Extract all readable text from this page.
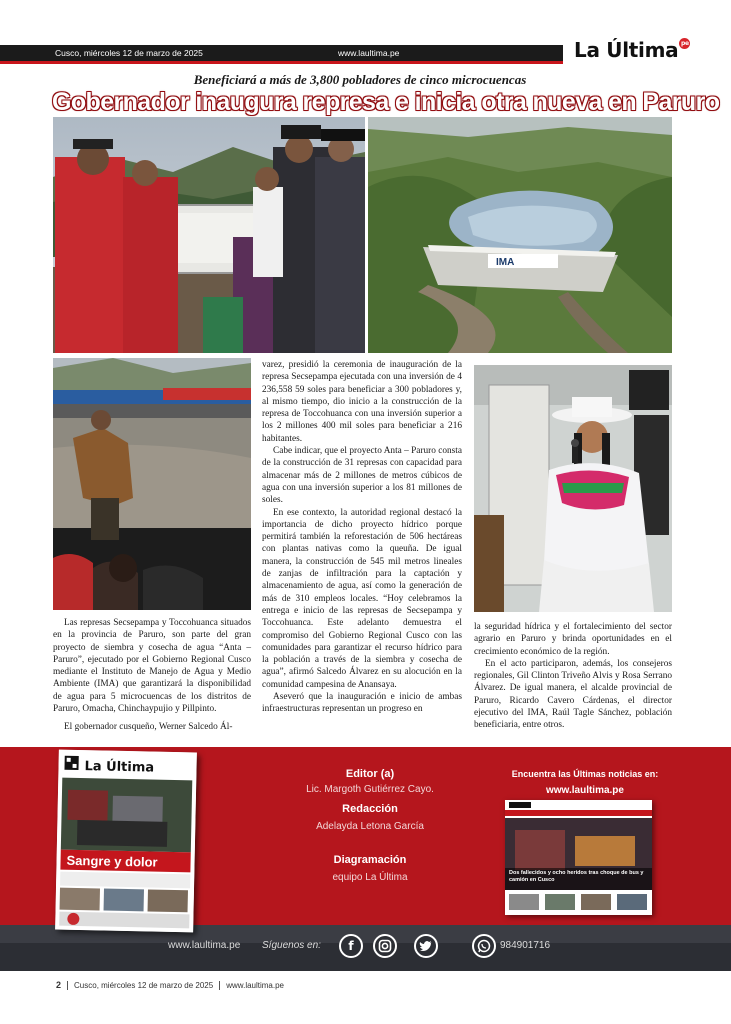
Cusco, miércoles 12 de marzo de 2025	www.laultima.pe	La Última pe
Beneficiará a más de 3,800 pobladores de cinco microcuencas
Gobernador inaugura represa e inicia otra nueva en Paruro
IMA

Las represas Secsepampa y Toccohuanca situados en la provincia de Paruro, son parte del gran proyecto de siembra y cosecha de agua “Anta – Paruro”, ejecutado por el Gobierno Regional Cusco mediante el Instituto de Manejo de Agua y Medio Ambiente (IMA) que garantizará la disponibilidad de agua para 5 microcuencas de los distritos de Paruro, Omacha, Chinchaypujio y Pillpinto.

El gobernador cusqueño, Werner Salcedo Ál-

varez, presidió la ceremonia de inauguración de la represa Secsepampa ejecutada con una inversión de 4 236,558 59 soles para beneficiar a 300 pobladores y, al mismo tiempo, dio inicio a la construcción de la represa de Toccohuanca con una inversión superior a los 2 millones 400 mil soles para beneficiar a 216 habitantes.

Cabe indicar, que el proyecto Anta – Paruro consta de la construcción de 31 represas con capacidad para almacenar más de 2 millones de metros cúbicos de agua con una inversión superior a los 81 millones de soles.

En ese contexto, la autoridad regional destacó la importancia de dicho proyecto hídrico porque permitirá también la reforestación de 506 hectáreas con plantas nativas como la queuña. De igual manera, la construcción de 545 mil metros lineales de zanjas de infiltración para la captación y almacenamiento de agua, así como la generación de más de 310 empleos locales. “Hoy celebramos la entrega e inicio de las represas de Secsepampa y Toccohuanca. Este adelanto demuestra el compromiso del Gobierno Regional Cusco con las comunidades para garantizar el recurso hídrico para la población a través de la siembra y cosecha de agua”, afirmó Salcedo Álvarez en su alocución en la comunidad campesina de Anansaya.

Aseveró que la inauguración e inicio de ambas infraestructuras representan un progreso en

la seguridad hídrica y el fortalecimiento del sector agrario en Paruro y brinda oportunidades en el crecimiento económico de la región.

En el acto participaron, además, los consejeros regionales, Gil Clinton Triveño Alvis y Rosa Serrano Álvarez. De igual manera, el alcalde provincial de Paruro, Ricardo Cavero Cárdenas, el director ejecutivo del IMA, Raúl Tagle Sánchez, población beneficiaria, entre otros.

La Última
Sangre y dolor
Editor (a)
Lic. Margoth Gutiérrez Cayo.
Redacción
Adelayda Letona García
Diagramación
equipo La Última
Encuentra las Últimas noticias en:
www.laultima.pe
Dos fallecidos y ocho heridos tras choque de bus y camión en Cusco
www.laultima.pe Síguenos en:	f	984901716
2 Cusco, miércoles 12 de marzo de 2025 www.laultima.pe
